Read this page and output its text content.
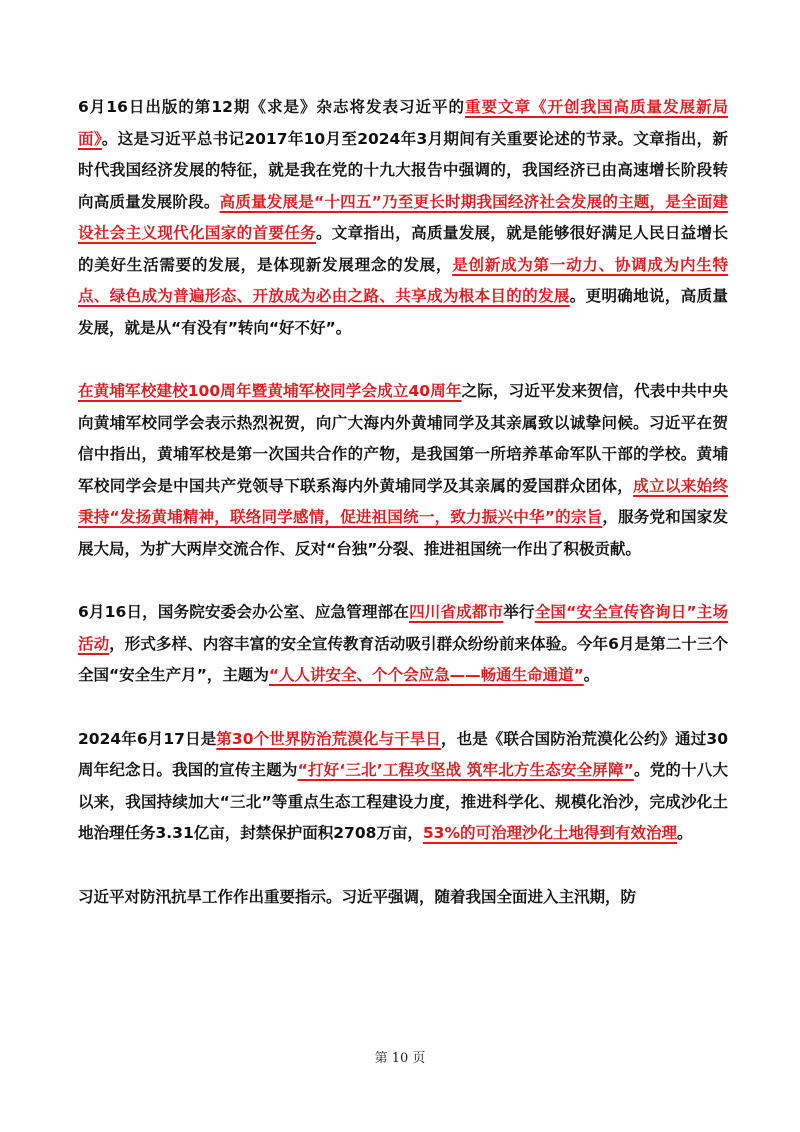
6月16日出版的第12期《求是》杂志将发表习近平的重要文章《开创我国高质量发展新局面》。这是习近平总书记2017年10月至2024年3月期间有关重要论述的节录。文章指出，新时代我国经济发展的特征，就是我在党的十九大报告中强调的，我国经济已由高速增长阶段转向高质量发展阶段。高质量发展是“十四五”乃至更长时期我国经济社会发展的主题，是全面建设社会主义现代化国家的首要任务。文章指出，高质量发展，就是能够很好满足人民日益增长的美好生活需要的发展，是体现新发展理念的发展，是创新成为第一动力、协调成为内生特点、绿色成为普遍形态、开放成为必由之路、共享成为根本目的的发展。更明确地说，高质量发展，就是从“有没有”转向“好不好”。

在黄埔军校建校100周年暨黄埔军校同学会成立40周年之际，习近平发来贺信，代表中共中央向黄埔军校同学会表示热烈祝贺，向广大海内外黄埔同学及其亲属致以诚挚问候。习近平在贺信中指出，黄埔军校是第一次国共合作的产物，是我国第一所培养革命军队干部的学校。黄埔军校同学会是中国共产党领导下联系海内外黄埔同学及其亲属的爱国群众团体，成立以来始终秉持“发扬黄埔精神，联络同学感情，促进祖国统一，致力振兴中华”的宗旨，服务党和国家发展大局，为扩大两岸交流合作、反对“台独”分裂、推进祖国统一作出了积极贡献。

6月16日，国务院安委会办公室、应急管理部在四川省成都市举行全国“安全宣传咨询日”主场活动，形式多样、内容丰富的安全宣传教育活动吸引群众纷纷前来体验。今年6月是第二十三个全国“安全生产月”，主题为“人人讲安全、个个会应急——畅通生命通道”。

2024年6月17日是第30个世界防治荒漠化与干旱日，也是《联合国防治荒漠化公约》通过30周年纪念日。我国的宣传主题为“打好‘三北’工程攻坚战 筑牢北方生态安全屏障”。党的十八大以来，我国持续加大“三北”等重点生态工程建设力度，推进科学化、规模化治沙，完成沙化土地治理任务3.31亿亩，封禁保护面积2708万亩，53%的可治理沙化土地得到有效治理。

习近平对防汛抗旱工作作出重要指示。习近平强调，随着我国全面进入主汛期，防

第 10 页
